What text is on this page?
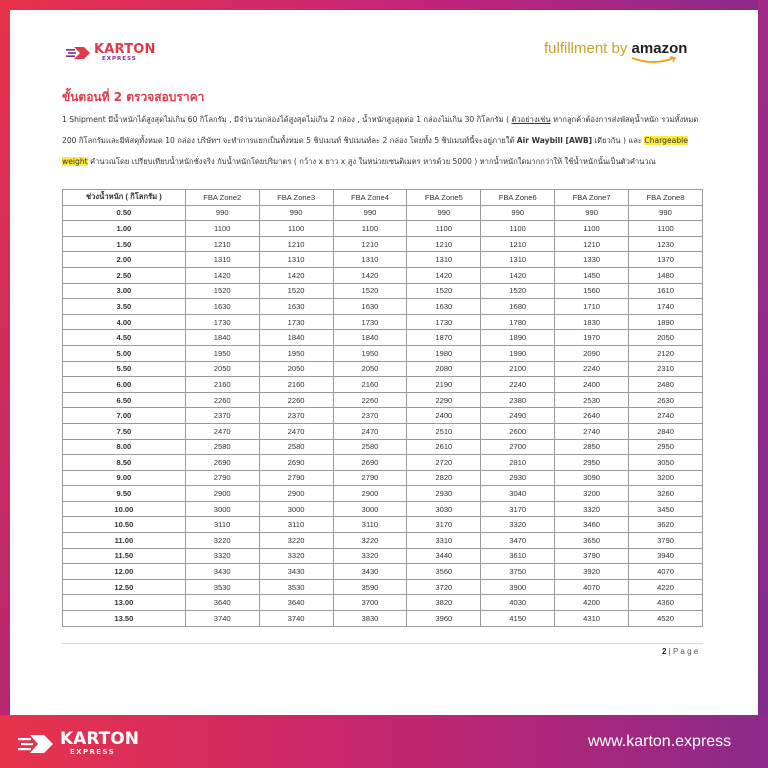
KARTON
EXPRESS
fulfillment by amazon
ขั้นตอนที่ 2 ตรวจสอบราคา
1 Shipment มีน้ำหนักได้สูงสุดไม่เกิน 60 กิโลกรัม , มีจำนวนกล่องได้สูงสุดไม่เกิน 2 กล่อง , น้ำหนักสูงสุดต่อ 1 กล่องไม่เกิน 30 กิโลกรัม ( ตัวอย่างเช่น หากลูกค้าต้องการส่งพัสดุน้ำหนัก รวมทั้งหมด 200 กิโลกรัมและมีพัสดุทั้งหมด 10 กล่อง บริษัทฯ จะทำการแยกเป็นทั้งหมด 5 ชิปเมนท์ ชิปเมนท์ละ 2 กล่อง โดยทั้ง 5 ชิปเมนท์นี้จะอยู่ภายใต้ Air Waybill [AWB] เดียวกัน ) และ Chargeable weight คำนวณโดย เปรียบเทียบน้ำหนักชั่งจริง กับน้ำหนักโดยปริมาตร ( กว้าง x ยาว x สูง ในหน่วยเซนติเมตร หารด้วย 5000 ) หากน้ำหนักใดมากกว่าให้ ใช้น้ำหนักนั้นเป็นตัวคำนวณ
ช่วงน้ำหนัก ( กิโลกรัม )	FBA Zone2	FBA Zone3	FBA Zone4	FBA Zone5	FBA Zone6	FBA Zone7	FBA Zone8
0.50	990	990	990	990	990	990	990
1.00	1100	1100	1100	1100	1100	1100	1100
1.50	1210	1210	1210	1210	1210	1210	1230
2.00	1310	1310	1310	1310	1310	1330	1370
2.50	1420	1420	1420	1420	1420	1450	1480
3.00	1520	1520	1520	1520	1520	1560	1610
3.50	1630	1630	1630	1630	1680	1710	1740
4.00	1730	1730	1730	1730	1780	1830	1890
4.50	1840	1840	1840	1870	1890	1970	2050
5.00	1950	1950	1950	1980	1990	2090	2120
5.50	2050	2050	2050	2080	2100	2240	2310
6.00	2160	2160	2160	2190	2240	2400	2480
6.50	2260	2260	2260	2290	2380	2530	2630
7.00	2370	2370	2370	2400	2490	2640	2740
7.50	2470	2470	2470	2510	2600	2740	2840
8.00	2580	2580	2580	2610	2700	2850	2950
8.50	2690	2690	2690	2720	2810	2950	3050
9.00	2790	2790	2790	2820	2930	3090	3200
9.50	2900	2900	2900	2930	3040	3200	3260
10.00	3000	3000	3000	3030	3170	3320	3450
10.50	3110	3110	3110	3170	3320	3460	3620
11.00	3220	3220	3220	3310	3470	3650	3790
11.50	3320	3320	3320	3440	3610	3790	3940
12.00	3430	3430	3430	3560	3750	3920	4070
12.50	3530	3530	3590	3720	3900	4070	4220
13.00	3640	3640	3700	3820	4030	4200	4360
13.50	3740	3740	3830	3960	4150	4310	4520
2 | P a g e
KARTON
EXPRESS
www.karton.express
